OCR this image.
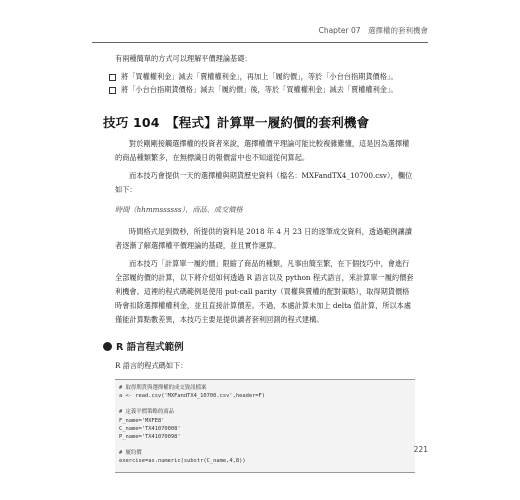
Chapter 07　選擇權的套利機會

有兩種簡單的方式可以理解平價理論基礎：

將「買權權利金」減去「賣權權利金」，再加上「履約價」，等於「小台台指期貨價格」。
將「小台台指期貨價格」減去「履約價」後，等於「買權權利金」減去「賣權權利金」。
技巧 104　【程式】計算單一履約價的套利機會

對於剛剛接觸選擇權的投資者來說，選擇權價平理論可能比較複雜難懂，這是因為選擇權的商品種類繁多，在無標識日的報價當中也不知道從何算起。

而本技巧會提供一天的選擇權與期貨歷史資料（檔名：MXFandTX4_10700.csv），欄位如下：

時間（hhmmssssss）、商品、成交價格

時間格式是到微秒，所提供的資料是 2018 年 4 月 23 日的逐筆成交資料，透過範例讓讀者逐漸了解選擇權平價理論的基礎，並且實作運算。

而本技巧「計算單一履約價」限縮了商品的種類，凡事由簡至繁，在下個技巧中，會進行全部履約價的計算，以下將介紹如何透過 R 語言以及 python 程式語言，來計算單一履約價套利機會。這裡的程式碼範例是使用 put-call parity（買權與賣權的配對策略），取得期貨價格時會扣除選擇權權利金，並且直接計算價差。不過，本處計算未加上 delta 值計算，所以本處僅能計算點數差異，本技巧主要是提供讀者套利回測的程式建構。

R 語言程式範例

R 語言的程式碼如下：

# 取得期貨與選擇權的成交資訊檔案
a <- read.csv('MXFandTX4_10700.csv',header=F)
# 定義平價策略的商品
F_name='MXFE8'
C_name='TX41070008'
P_name='TX41070098'
# 履約價
exercise=as.numeric(substr(C_name,4,8))
221
